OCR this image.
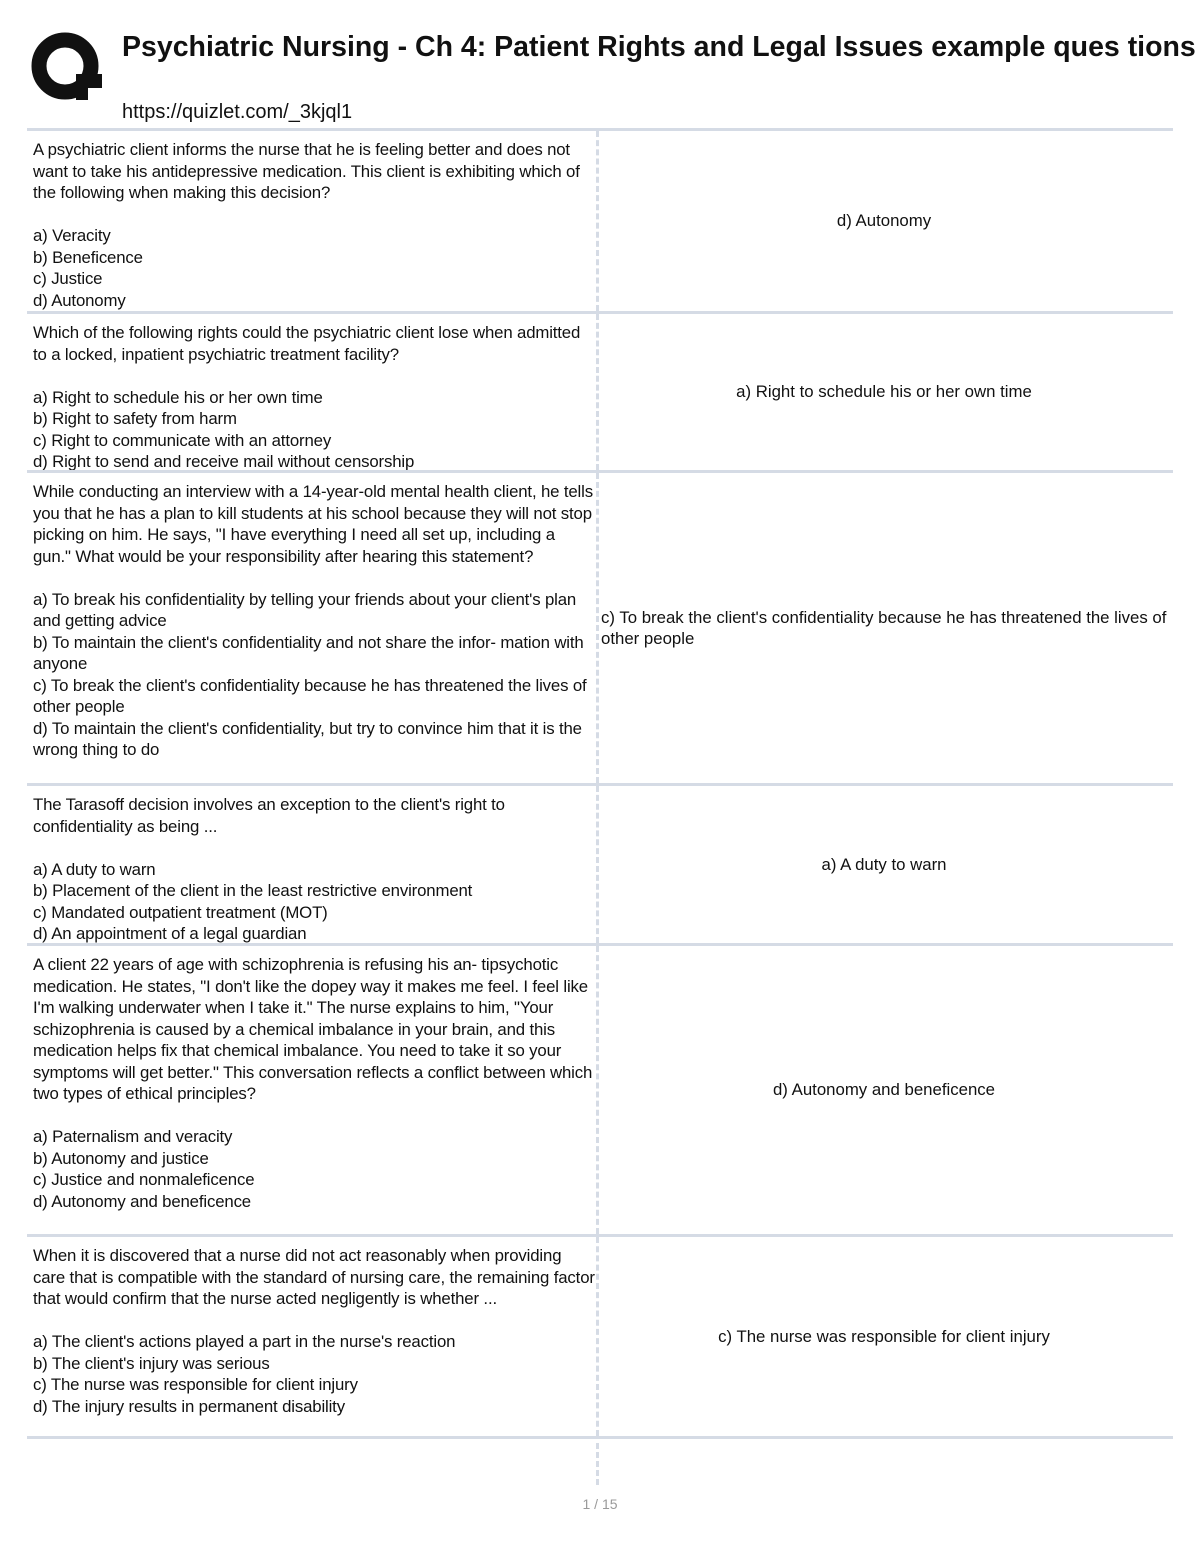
Psychiatric Nursing - Ch 4: Patient Rights and Legal Issues example ques tions
https://quizlet.com/_3kjql1
A psychiatric client informs the nurse that he is feeling better and does not want to take his antidepressive medication. This client is exhibiting which of the following when making this decision?

a) Veracity
b) Beneficence
c) Justice
d) Autonomy
d) Autonomy
Which of the following rights could the psychiatric client lose when admitted to a locked, inpatient psychiatric treatment facility?

a) Right to schedule his or her own time
b) Right to safety from harm
c) Right to communicate with an attorney
d) Right to send and receive mail without censorship
a) Right to schedule his or her own time
While conducting an interview with a 14-year-old mental health client, he tells you that he has a plan to kill students at his school because they will not stop picking on him. He says, "I have everything I need all set up, including a gun." What would be your responsibility after hearing this statement?

a) To break his confidentiality by telling your friends about your client's plan and getting advice
b) To maintain the client's confidentiality and not share the infor- mation with anyone
c) To break the client's confidentiality because he has threatened the lives of other people
d) To maintain the client's confidentiality, but try to convince him that it is the wrong thing to do
c) To break the client's confidentiality because he has threatened the lives of other people
The Tarasoff decision involves an exception to the client's right to confidentiality as being ...

a) A duty to warn
b) Placement of the client in the least restrictive environment
c) Mandated outpatient treatment (MOT)
d) An appointment of a legal guardian
a) A duty to warn
A client 22 years of age with schizophrenia is refusing his an- tipsychotic medication. He states, "I don't like the dopey way it makes me feel. I feel like I'm walking underwater when I take it." The nurse explains to him, "Your schizophrenia is caused by a chemical imbalance in your brain, and this medication helps fix that chemical imbalance. You need to take it so your symptoms will get better." This conversation reflects a conflict between which two types of ethical principles?

a) Paternalism and veracity
b) Autonomy and justice
c) Justice and nonmaleficence
d) Autonomy and beneficence
d) Autonomy and beneficence
When it is discovered that a nurse did not act reasonably when providing care that is compatible with the standard of nursing care, the remaining factor that would confirm that the nurse acted negligently is whether ...

a) The client's actions played a part in the nurse's reaction
b) The client's injury was serious
c) The nurse was responsible for client injury
d) The injury results in permanent disability
c) The nurse was responsible for client injury
1 / 15
